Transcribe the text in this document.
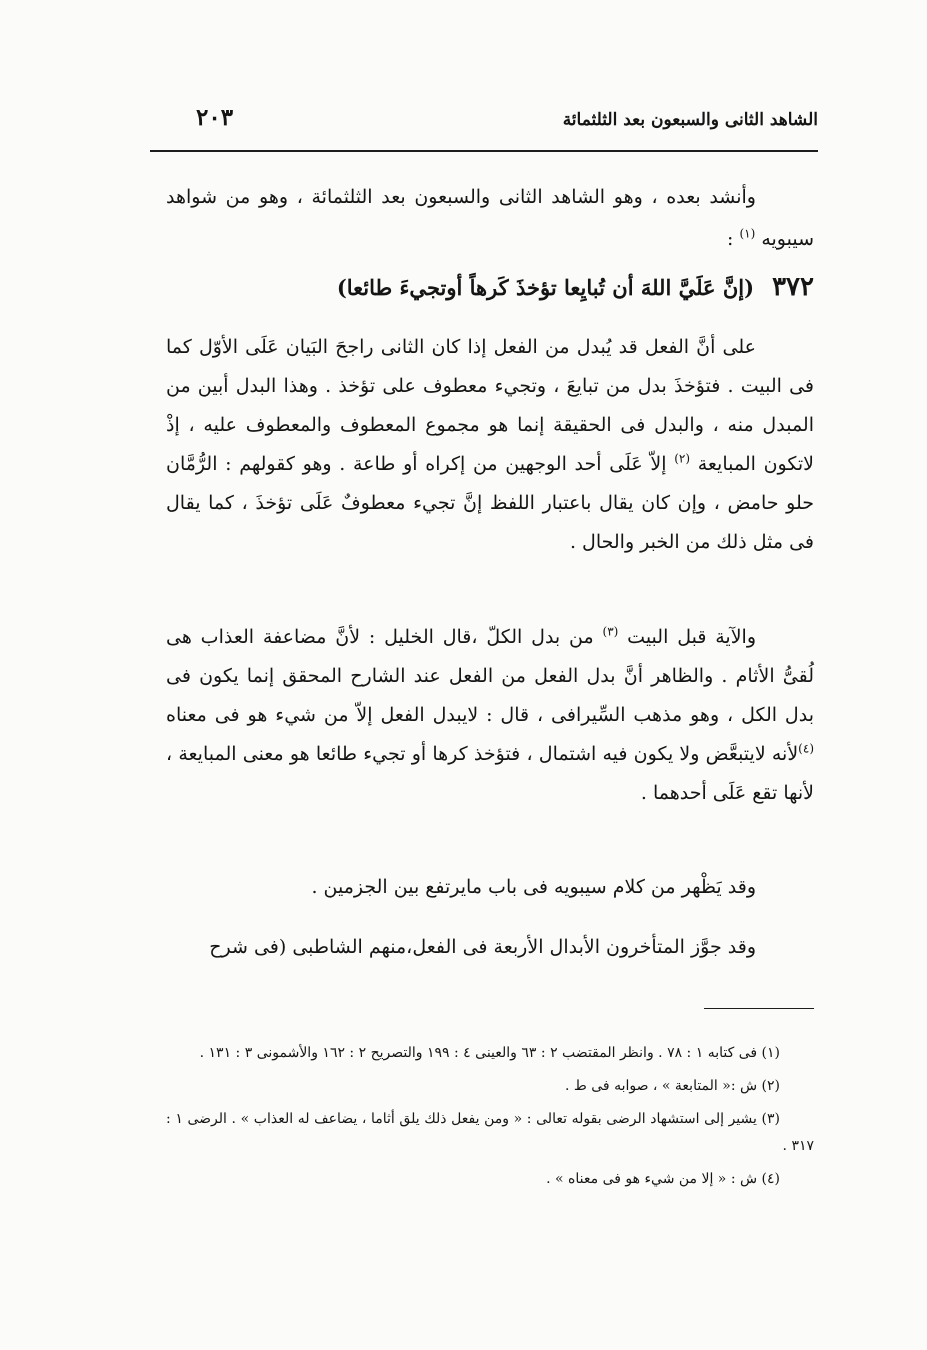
٢٠٣	الشاهد الثانى والسبعون بعد الثلثمائة

وأنشد بعده ، وهو الشاهد الثانى والسبعون بعد الثلثمائة ، وهو من شواهد سيبويه $^{(١)}$ :

٣٧٢
(إنَّ عَلَيَّ اللهَ أن تُبايِعا تؤخذَ كَرهاً أوتجيءَ طائعا)

على أنَّ الفعل قد يُبدل من الفعل إذا كان الثانى راجحَ البَيان عَلَى الأوّل كما فى البيت . فتؤخذَ بدل من تبايعَ ، وتجيء معطوف على تؤخذ . وهذا البدل أبين من المبدل منه ، والبدل فى الحقيقة إنما هو مجموع المعطوف والمعطوف عليه ، إذْ لاتكون المبايعة $^{(٢)}$ إلاّ عَلَى أحد الوجهين من إكراه أو طاعة . وهو كقولهم : الرُّمَّان حلو حامض ، وإن كان يقال باعتبار اللفظ إنَّ تجيء معطوفٌ عَلَى تؤخذَ ، كما يقال فى مثل ذلك من الخبر والحال .

والآية قبل البيت $^{(٣)}$ من بدل الكلّ ،قال الخليل : لأنَّ مضاعفة العذاب هى لُقىُّ الأثام . والظاهر أنَّ بدل الفعل من الفعل عند الشارح المحقق إنما يكون فى بدل الكل ، وهو مذهب السِّيرافى ، قال : لايبدل الفعل إلاّ من شيء هو فى معناه $^{(٤)}$لأنه لايتبعَّض ولا يكون فيه اشتمال ، فتؤخذ كرها أو تجيء طائعا هو معنى المبايعة ، لأنها تقع عَلَى أحدهما .

وقد يَظْهر من كلام سيبويه فى باب مايرتفع بين الجزمين .

وقد جوَّز المتأخرون الأبدال الأربعة فى الفعل،منهم الشاطبى (فى شرح

(١) فى كتابه ١ : ٧٨ . وانظر المقتضب ٢ : ٦٣ والعينى ٤ : ١٩٩ والتصريح ٢ : ١٦٢ والأشمونى ٣ : ١٣١ .

(٢) ش :« المتابعة » ، صوابه فى ط .

(٣) يشير إلى استشهاد الرضى بقوله تعالى : « ومن يفعل ذلك يلق أثاما ، يضاعف له العذاب » . الرضى ١ : ٣١٧ .

(٤) ش : « إلا من شيء هو فى معناه » .
